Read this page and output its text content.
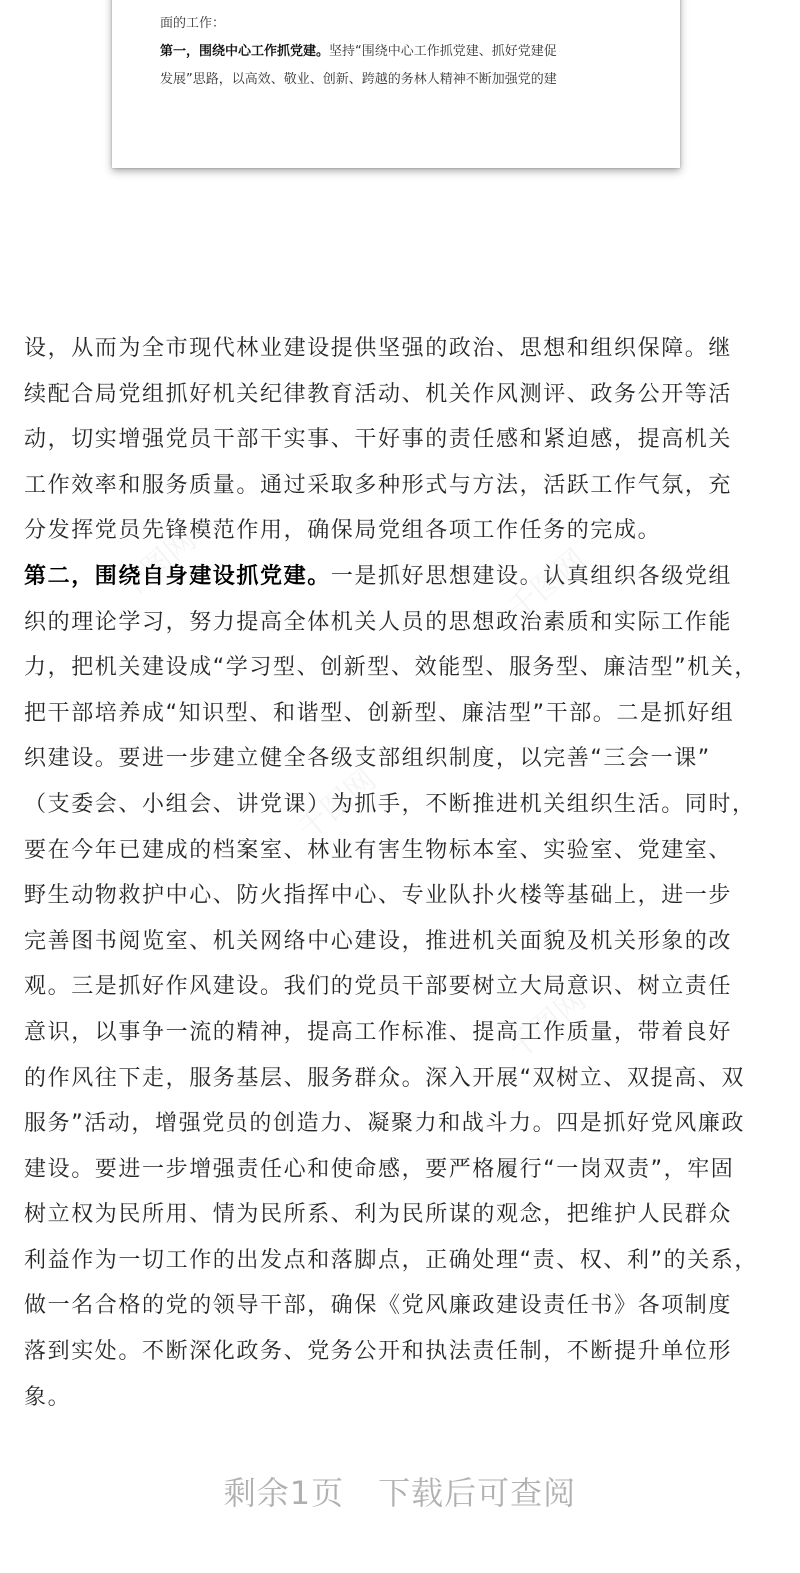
面的工作：
第一，围绕中心工作抓党建。坚持“围绕中心工作抓党建、抓好党建促
发展”思路，以高效、敬业、创新、跨越的务林人精神不断加强党的建
千图网
千图网
千图网
千图网
设，从而为全市现代林业建设提供坚强的政治、思想和组织保障。继
续配合局党组抓好机关纪律教育活动、机关作风测评、政务公开等活
动，切实增强党员干部干实事、干好事的责任感和紧迫感，提高机关
工作效率和服务质量。通过采取多种形式与方法，活跃工作气氛，充
分发挥党员先锋模范作用，确保局党组各项工作任务的完成。
第二，围绕自身建设抓党建。一是抓好思想建设。认真组织各级党组
织的理论学习，努力提高全体机关人员的思想政治素质和实际工作能
力，把机关建设成“学习型、创新型、效能型、服务型、廉洁型”机关，
把干部培养成“知识型、和谐型、创新型、廉洁型”干部。二是抓好组
织建设。要进一步建立健全各级支部组织制度，以完善“三会一课”
（支委会、小组会、讲党课）为抓手，不断推进机关组织生活。同时，
要在今年已建成的档案室、林业有害生物标本室、实验室、党建室、
野生动物救护中心、防火指挥中心、专业队扑火楼等基础上，进一步
完善图书阅览室、机关网络中心建设，推进机关面貌及机关形象的改
观。三是抓好作风建设。我们的党员干部要树立大局意识、树立责任
意识，以事争一流的精神，提高工作标准、提高工作质量，带着良好
的作风往下走，服务基层、服务群众。深入开展“双树立、双提高、双
服务”活动，增强党员的创造力、凝聚力和战斗力。四是抓好党风廉政
建设。要进一步增强责任心和使命感，要严格履行“一岗双责”，牢固
树立权为民所用、情为民所系、利为民所谋的观念，把维护人民群众
利益作为一切工作的出发点和落脚点，正确处理“责、权、利”的关系，
做一名合格的党的领导干部，确保《党风廉政建设责任书》各项制度
落到实处。不断深化政务、党务公开和执法责任制，不断提升单位形
象。
剩余1页 下载后可查阅
